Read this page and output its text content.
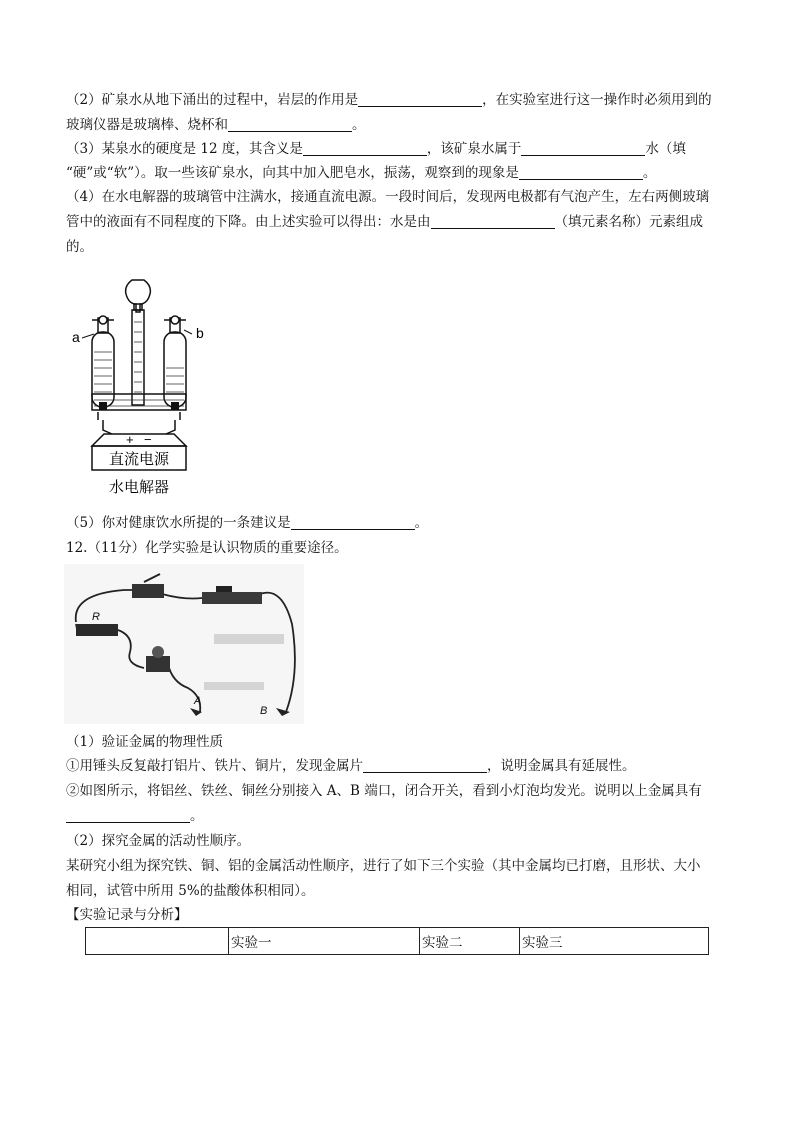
（2）矿泉水从地下涌出的过程中，岩层的作用是	，在实验室进行这一操作时必须用到的
玻璃仪器是玻璃棒、烧杯和	。
（3）某泉水的硬度是 12 度，其含义是	，该矿泉水属于	水（填
“硬”或“软”）。取一些该矿泉水，向其中加入肥皂水，振荡，观察到的现象是	。
（4）在水电解器的玻璃管中注满水，接通直流电源。一段时间后，发现两电极都有气泡产生，左右两侧玻璃
管中的液面有不同程度的下降。由上述实验可以得出：水是由	（填元素名称）元素组成
的。
a	b
+ −
直流电源
水电解器
（5）你对健康饮水所提的一条建议是	。
12.（11分）化学实验是认识物质的重要途径。
R
A
B
（1）验证金属的物理性质
①用锤头反复敲打铝片、铁片、铜片，发现金属片	，说明金属具有延展性。
②如图所示，将铝丝、铁丝、铜丝分别接入 A、B 端口，闭合开关，看到小灯泡均发光。说明以上金属具有
。
（2）探究金属的活动性顺序。
某研究小组为探究铁、铜、铝的金属活动性顺序，进行了如下三个实验（其中金属均已打磨，且形状、大小
相同，试管中所用 5%的盐酸体积相同）。
【实验记录与分析】
	实验一	实验二	实验三
